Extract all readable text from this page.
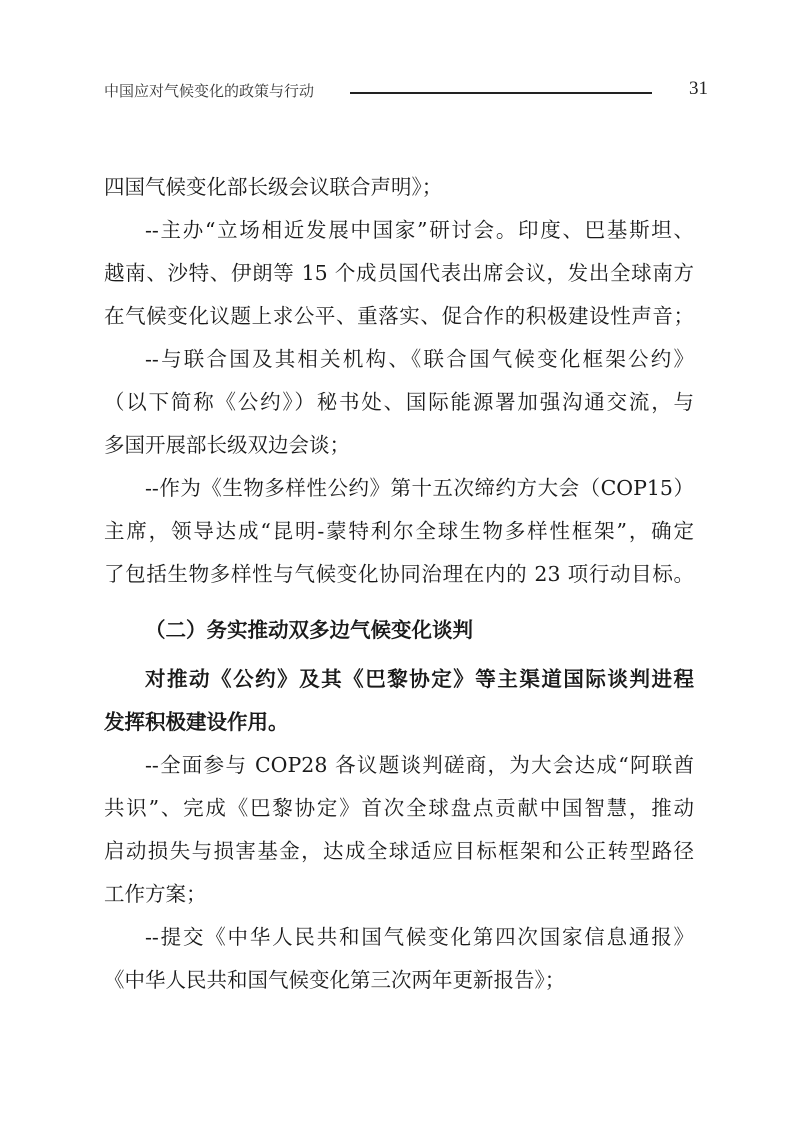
中国应对气候变化的政策与行动	31
四国气候变化部长级会议联合声明》；
--主办“立场相近发展中国家”研讨会。印度、巴基斯坦、
越南、沙特、伊朗等 15 个成员国代表出席会议，发出全球南方
在气候变化议题上求公平、重落实、促合作的积极建设性声音；
--与联合国及其相关机构、《联合国气候变化框架公约》
（以下简称《公约》）秘书处、国际能源署加强沟通交流，与
多国开展部长级双边会谈；
--作为《生物多样性公约》第十五次缔约方大会（COP15）
主席，领导达成“昆明-蒙特利尔全球生物多样性框架”，确定
了包括生物多样性与气候变化协同治理在内的 23 项行动目标。
（二）务实推动双多边气候变化谈判
对推动《公约》及其《巴黎协定》等主渠道国际谈判进程
发挥积极建设作用。
--全面参与 COP28 各议题谈判磋商，为大会达成“阿联酋
共识”、完成《巴黎协定》首次全球盘点贡献中国智慧，推动
启动损失与损害基金，达成全球适应目标框架和公正转型路径
工作方案；
--提交《中华人民共和国气候变化第四次国家信息通报》
《中华人民共和国气候变化第三次两年更新报告》；
